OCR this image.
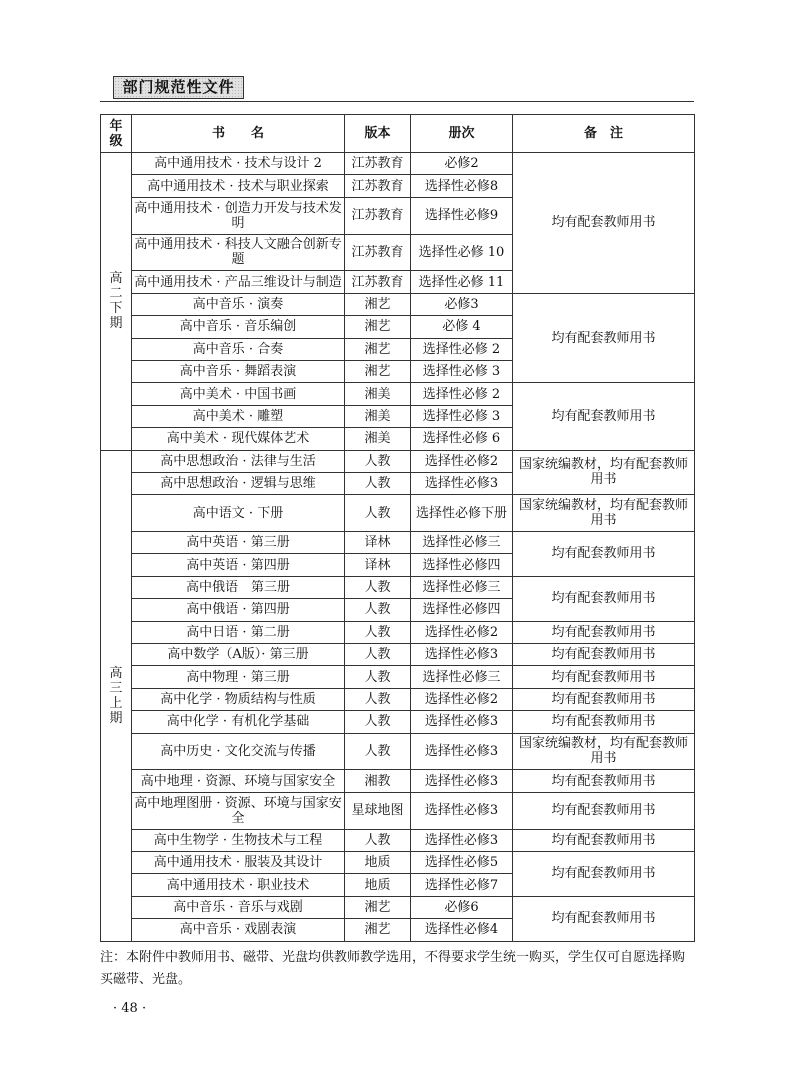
部门规范性文件
年
级	书　　名	版本	册次	备　注
高
二
下
期	高中通用技术 · 技术与设计 2	江苏教育	必修2	均有配套教师用书
	高中通用技术 · 技术与职业探索	江苏教育	选择性必修8	
	高中通用技术 · 创造力开发与技术发明	江苏教育	选择性必修9	
	高中通用技术 · 科技人文融合创新专题	江苏教育	选择性必修 10	
	高中通用技术 · 产品三维设计与制造	江苏教育	选择性必修 11	
	高中音乐 · 演奏	湘艺	必修3	均有配套教师用书
	高中音乐 · 音乐编创	湘艺	必修 4	
	高中音乐 · 合奏	湘艺	选择性必修 2	
	高中音乐 · 舞蹈表演	湘艺	选择性必修 3	
	高中美术 · 中国书画	湘美	选择性必修 2	均有配套教师用书
	高中美术 · 雕塑	湘美	选择性必修 3	
	高中美术 · 现代媒体艺术	湘美	选择性必修 6	
高
三
上
期	高中思想政治 · 法律与生活	人教	选择性必修2	国家统编教材，均有配套教师用书
	高中思想政治 · 逻辑与思维	人教	选择性必修3	
	高中语文 · 下册	人教	选择性必修下册	国家统编教材，均有配套教师用书
	高中英语 · 第三册	译林	选择性必修三	均有配套教师用书
	高中英语 · 第四册	译林	选择性必修四	
	高中俄语　第三册	人教	选择性必修三	均有配套教师用书
	高中俄语 · 第四册	人教	选择性必修四	
	高中日语 · 第二册	人教	选择性必修2	均有配套教师用书
	高中数学（A版）· 第三册	人教	选择性必修3	均有配套教师用书
	高中物理 · 第三册	人教	选择性必修三	均有配套教师用书
	高中化学 · 物质结构与性质	人教	选择性必修2	均有配套教师用书
	高中化学 · 有机化学基础	人教	选择性必修3	均有配套教师用书
	高中历史 · 文化交流与传播	人教	选择性必修3	国家统编教材，均有配套教师用书
	高中地理 · 资源、环境与国家安全	湘教	选择性必修3	均有配套教师用书
	高中地理图册 · 资源、环境与国家安全	星球地图	选择性必修3	均有配套教师用书
	高中生物学 · 生物技术与工程	人教	选择性必修3	均有配套教师用书
	高中通用技术 · 服装及其设计	地质	选择性必修5	均有配套教师用书
	高中通用技术 · 职业技术	地质	选择性必修7	
	高中音乐 · 音乐与戏剧	湘艺	必修6	均有配套教师用书
	高中音乐 · 戏剧表演	湘艺	选择性必修4	
注：本附件中教师用书、磁带、光盘均供教师教学选用，不得要求学生统一购买，学生仅可自愿选择购买磁带、光盘。
· 48 ·
